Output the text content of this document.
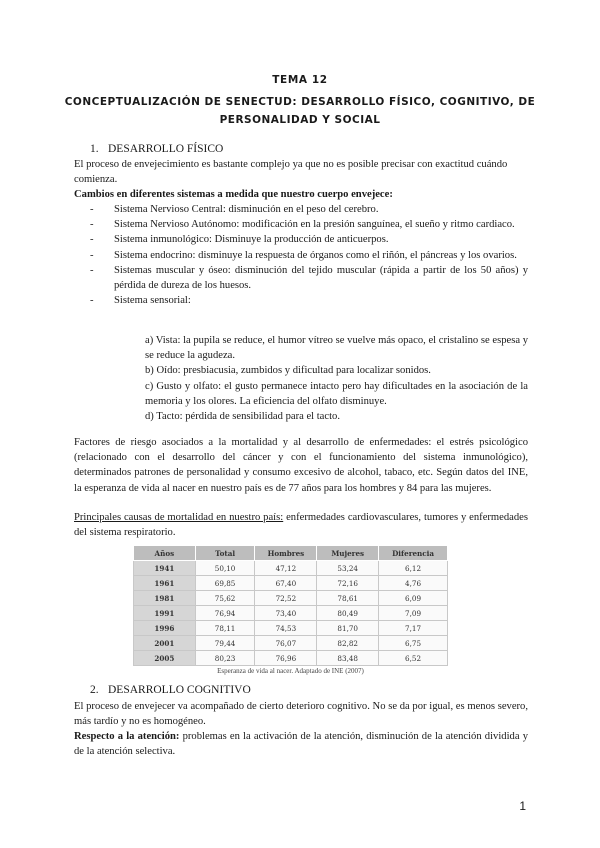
TEMA 12
CONCEPTUALIZACIÓN DE SENECTUD: DESARROLLO FÍSICO, COGNITIVO, DE PERSONALIDAD Y SOCIAL
1. DESARROLLO FÍSICO
El proceso de envejecimiento es bastante complejo ya que no es posible precisar con exactitud cuándo comienza.
Cambios en diferentes sistemas a medida que nuestro cuerpo envejece:
- Sistema Nervioso Central: disminución en el peso del cerebro.
- Sistema Nervioso Autónomo: modificación en la presión sanguínea, el sueño y ritmo cardiaco.
- Sistema inmunológico: Disminuye la producción de anticuerpos.
- Sistema endocrino: disminuye la respuesta de órganos como el riñón, el páncreas y los ovarios.
- Sistemas muscular y óseo: disminución del tejido muscular (rápida a partir de los 50 años) y pérdida de dureza de los huesos.
- Sistema sensorial:
a) Vista: la pupila se reduce, el humor vítreo se vuelve más opaco, el cristalino se espesa y se reduce la agudeza.
b) Oído: presbiacusia, zumbidos y dificultad para localizar sonidos.
c) Gusto y olfato: el gusto permanece intacto pero hay dificultades en la asociación de la memoria y los olores. La eficiencia del olfato disminuye.
d) Tacto: pérdida de sensibilidad para el tacto.
Factores de riesgo asociados a la mortalidad y al desarrollo de enfermedades: el estrés psicológico (relacionado con el desarrollo del cáncer y con el funcionamiento del sistema inmunológico), determinados patrones de personalidad y consumo excesivo de alcohol, tabaco, etc. Según datos del INE, la esperanza de vida al nacer en nuestro país es de 77 años para los hombres y 84 para las mujeres.
Principales causas de mortalidad en nuestro país: enfermedades cardiovasculares, tumores y enfermedades del sistema respiratorio.
Años	Total	Hombres	Mujeres	Diferencia
1941	50,10	47,12	53,24	6,12
1961	69,85	67,40	72,16	4,76
1981	75,62	72,52	78,61	6,09
1991	76,94	73,40	80,49	7,09
1996	78,11	74,53	81,70	7,17
2001	79,44	76,07	82,82	6,75
2005	80,23	76,96	83,48	6,52
Esperanza de vida al nacer. Adaptado de INE (2007)
2. DESARROLLO COGNITIVO
El proceso de envejecer va acompañado de cierto deterioro cognitivo. No se da por igual, es menos severo, más tardío y no es homogéneo.
Respecto a la atención: problemas en la activación de la atención, disminución de la atención dividida y de la atención selectiva.
1
